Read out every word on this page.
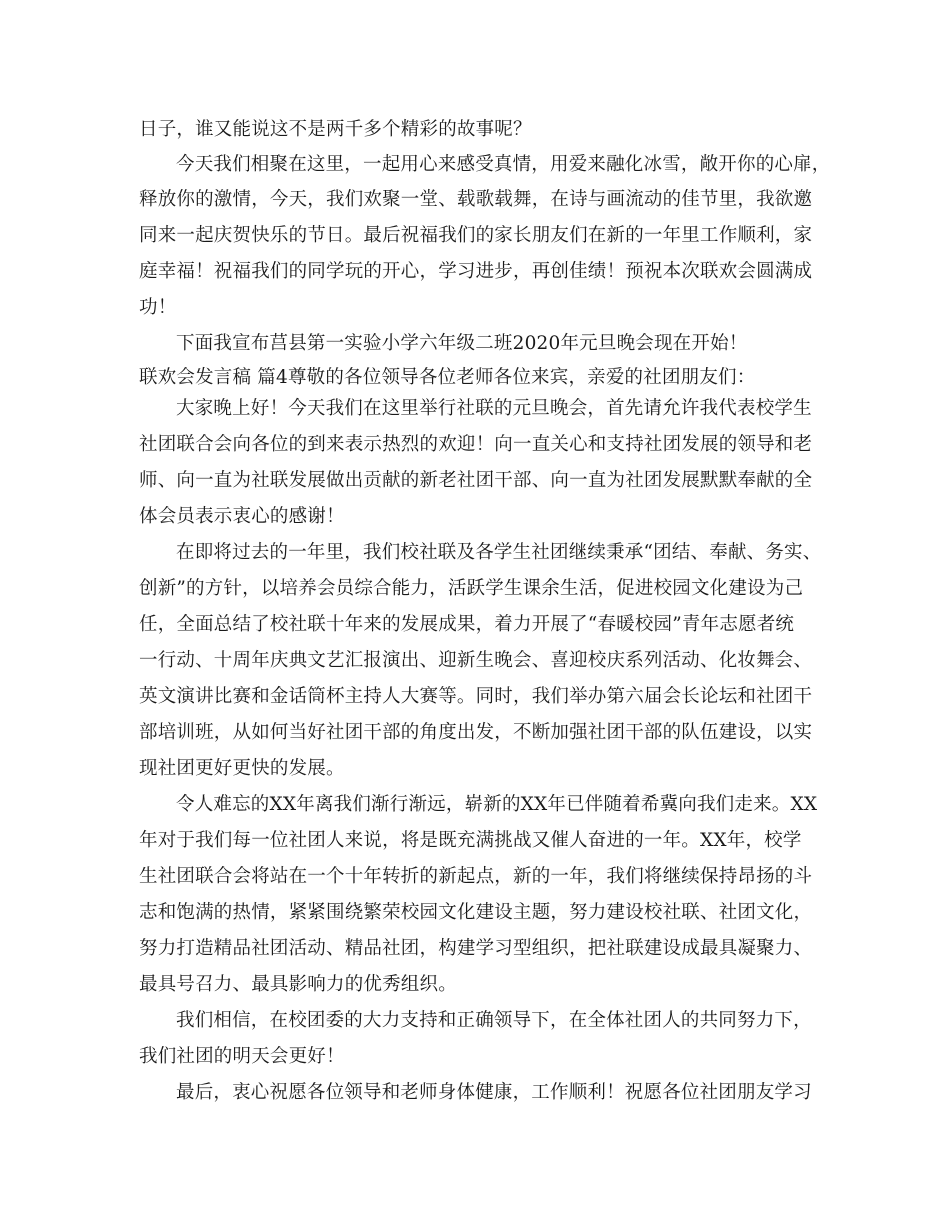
日子，谁又能说这不是两千多个精彩的故事呢？
今天我们相聚在这里，一起用心来感受真情，用爱来融化冰雪，敞开你的心扉，
释放你的激情，今天，我们欢聚一堂、载歌载舞，在诗与画流动的佳节里，我欲邀
同来一起庆贺快乐的节日。最后祝福我们的家长朋友们在新的一年里工作顺利，家
庭幸福！祝福我们的同学玩的开心，学习进步，再创佳绩！预祝本次联欢会圆满成
功！
下面我宣布莒县第一实验小学六年级二班2020年元旦晚会现在开始！
联欢会发言稿 篇4尊敬的各位领导各位老师各位来宾，亲爱的社团朋友们：
大家晚上好！今天我们在这里举行社联的元旦晚会，首先请允许我代表校学生
社团联合会向各位的到来表示热烈的欢迎！向一直关心和支持社团发展的领导和老
师、向一直为社联发展做出贡献的新老社团干部、向一直为社团发展默默奉献的全
体会员表示衷心的感谢！
在即将过去的一年里，我们校社联及各学生社团继续秉承“团结、奉献、务实、
创新”的方针，以培养会员综合能力，活跃学生课余生活，促进校园文化建设为己
任，全面总结了校社联十年来的发展成果，着力开展了“春暖校园”青年志愿者统
一行动、十周年庆典文艺汇报演出、迎新生晚会、喜迎校庆系列活动、化妆舞会、
英文演讲比赛和金话筒杯主持人大赛等。同时，我们举办第六届会长论坛和社团干
部培训班，从如何当好社团干部的角度出发，不断加强社团干部的队伍建设，以实
现社团更好更快的发展。
令人难忘的XX年离我们渐行渐远，崭新的XX年已伴随着希冀向我们走来。XX
年对于我们每一位社团人来说，将是既充满挑战又催人奋进的一年。XX年，校学
生社团联合会将站在一个十年转折的新起点，新的一年，我们将继续保持昂扬的斗
志和饱满的热情，紧紧围绕繁荣校园文化建设主题，努力建设校社联、社团文化，
努力打造精品社团活动、精品社团，构建学习型组织，把社联建设成最具凝聚力、
最具号召力、最具影响力的优秀组织。
我们相信，在校团委的大力支持和正确领导下，在全体社团人的共同努力下，
我们社团的明天会更好！
最后，衷心祝愿各位领导和老师身体健康，工作顺利！祝愿各位社团朋友学习
